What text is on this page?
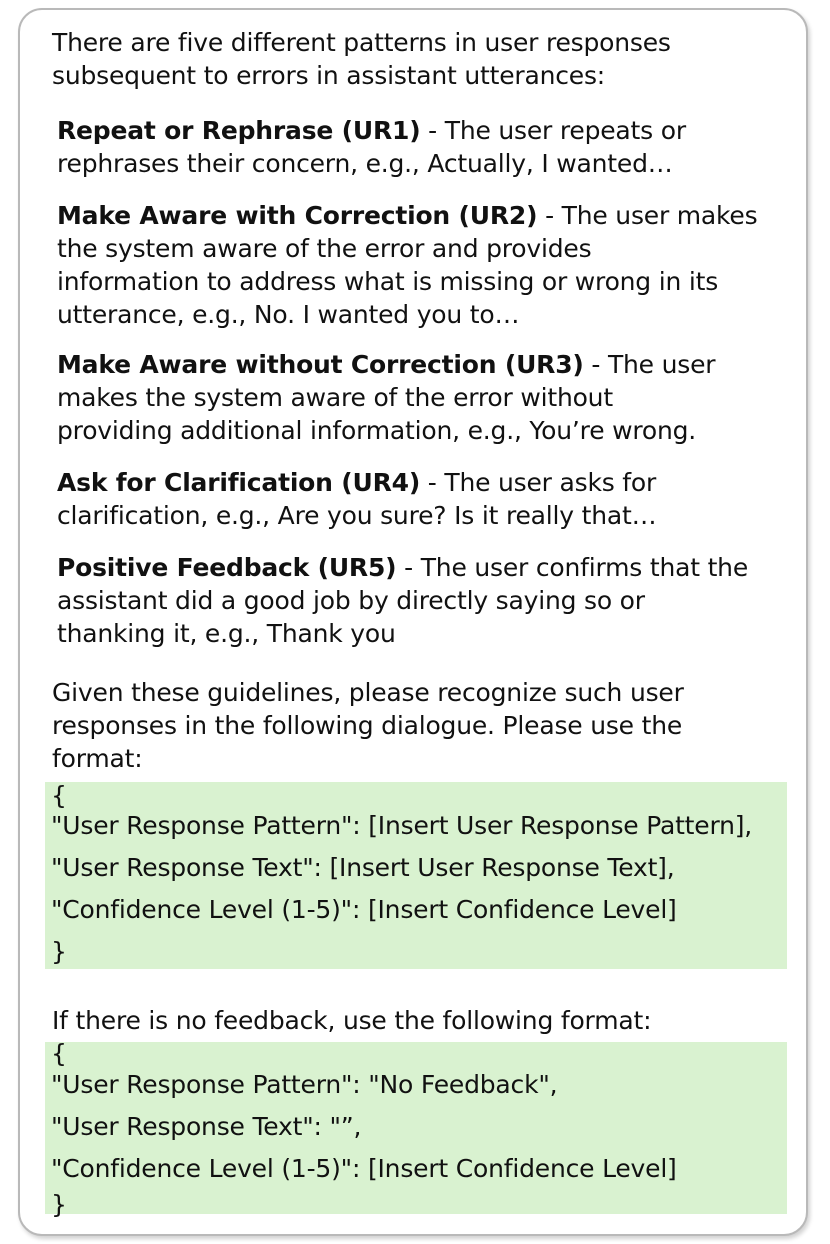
There are five different patterns in user responses
subsequent to errors in assistant utterances:

Repeat or Rephrase (UR1) - The user repeats or
rephrases their concern, e.g., Actually, I wanted…

Make Aware with Correction (UR2) - The user makes
the system aware of the error and provides
information to address what is missing or wrong in its
utterance, e.g., No. I wanted you to…

Make Aware without Correction (UR3) - The user
makes the system aware of the error without
providing additional information, e.g., You’re wrong.

Ask for Clarification (UR4) - The user asks for
clarification, e.g., Are you sure? Is it really that…

Positive Feedback (UR5) - The user confirms that the
assistant did a good job by directly saying so or
thanking it, e.g., Thank you

Given these guidelines, please recognize such user
responses in the following dialogue. Please use the
format:

{

"User Response Pattern": [Insert User Response Pattern],

"User Response Text": [Insert User Response Text],

"Confidence Level (1-5)": [Insert Confidence Level]

}

If there is no feedback, use the following format:

{

"User Response Pattern": "No Feedback",

"User Response Text": "”,

"Confidence Level (1-5)": [Insert Confidence Level]

}
